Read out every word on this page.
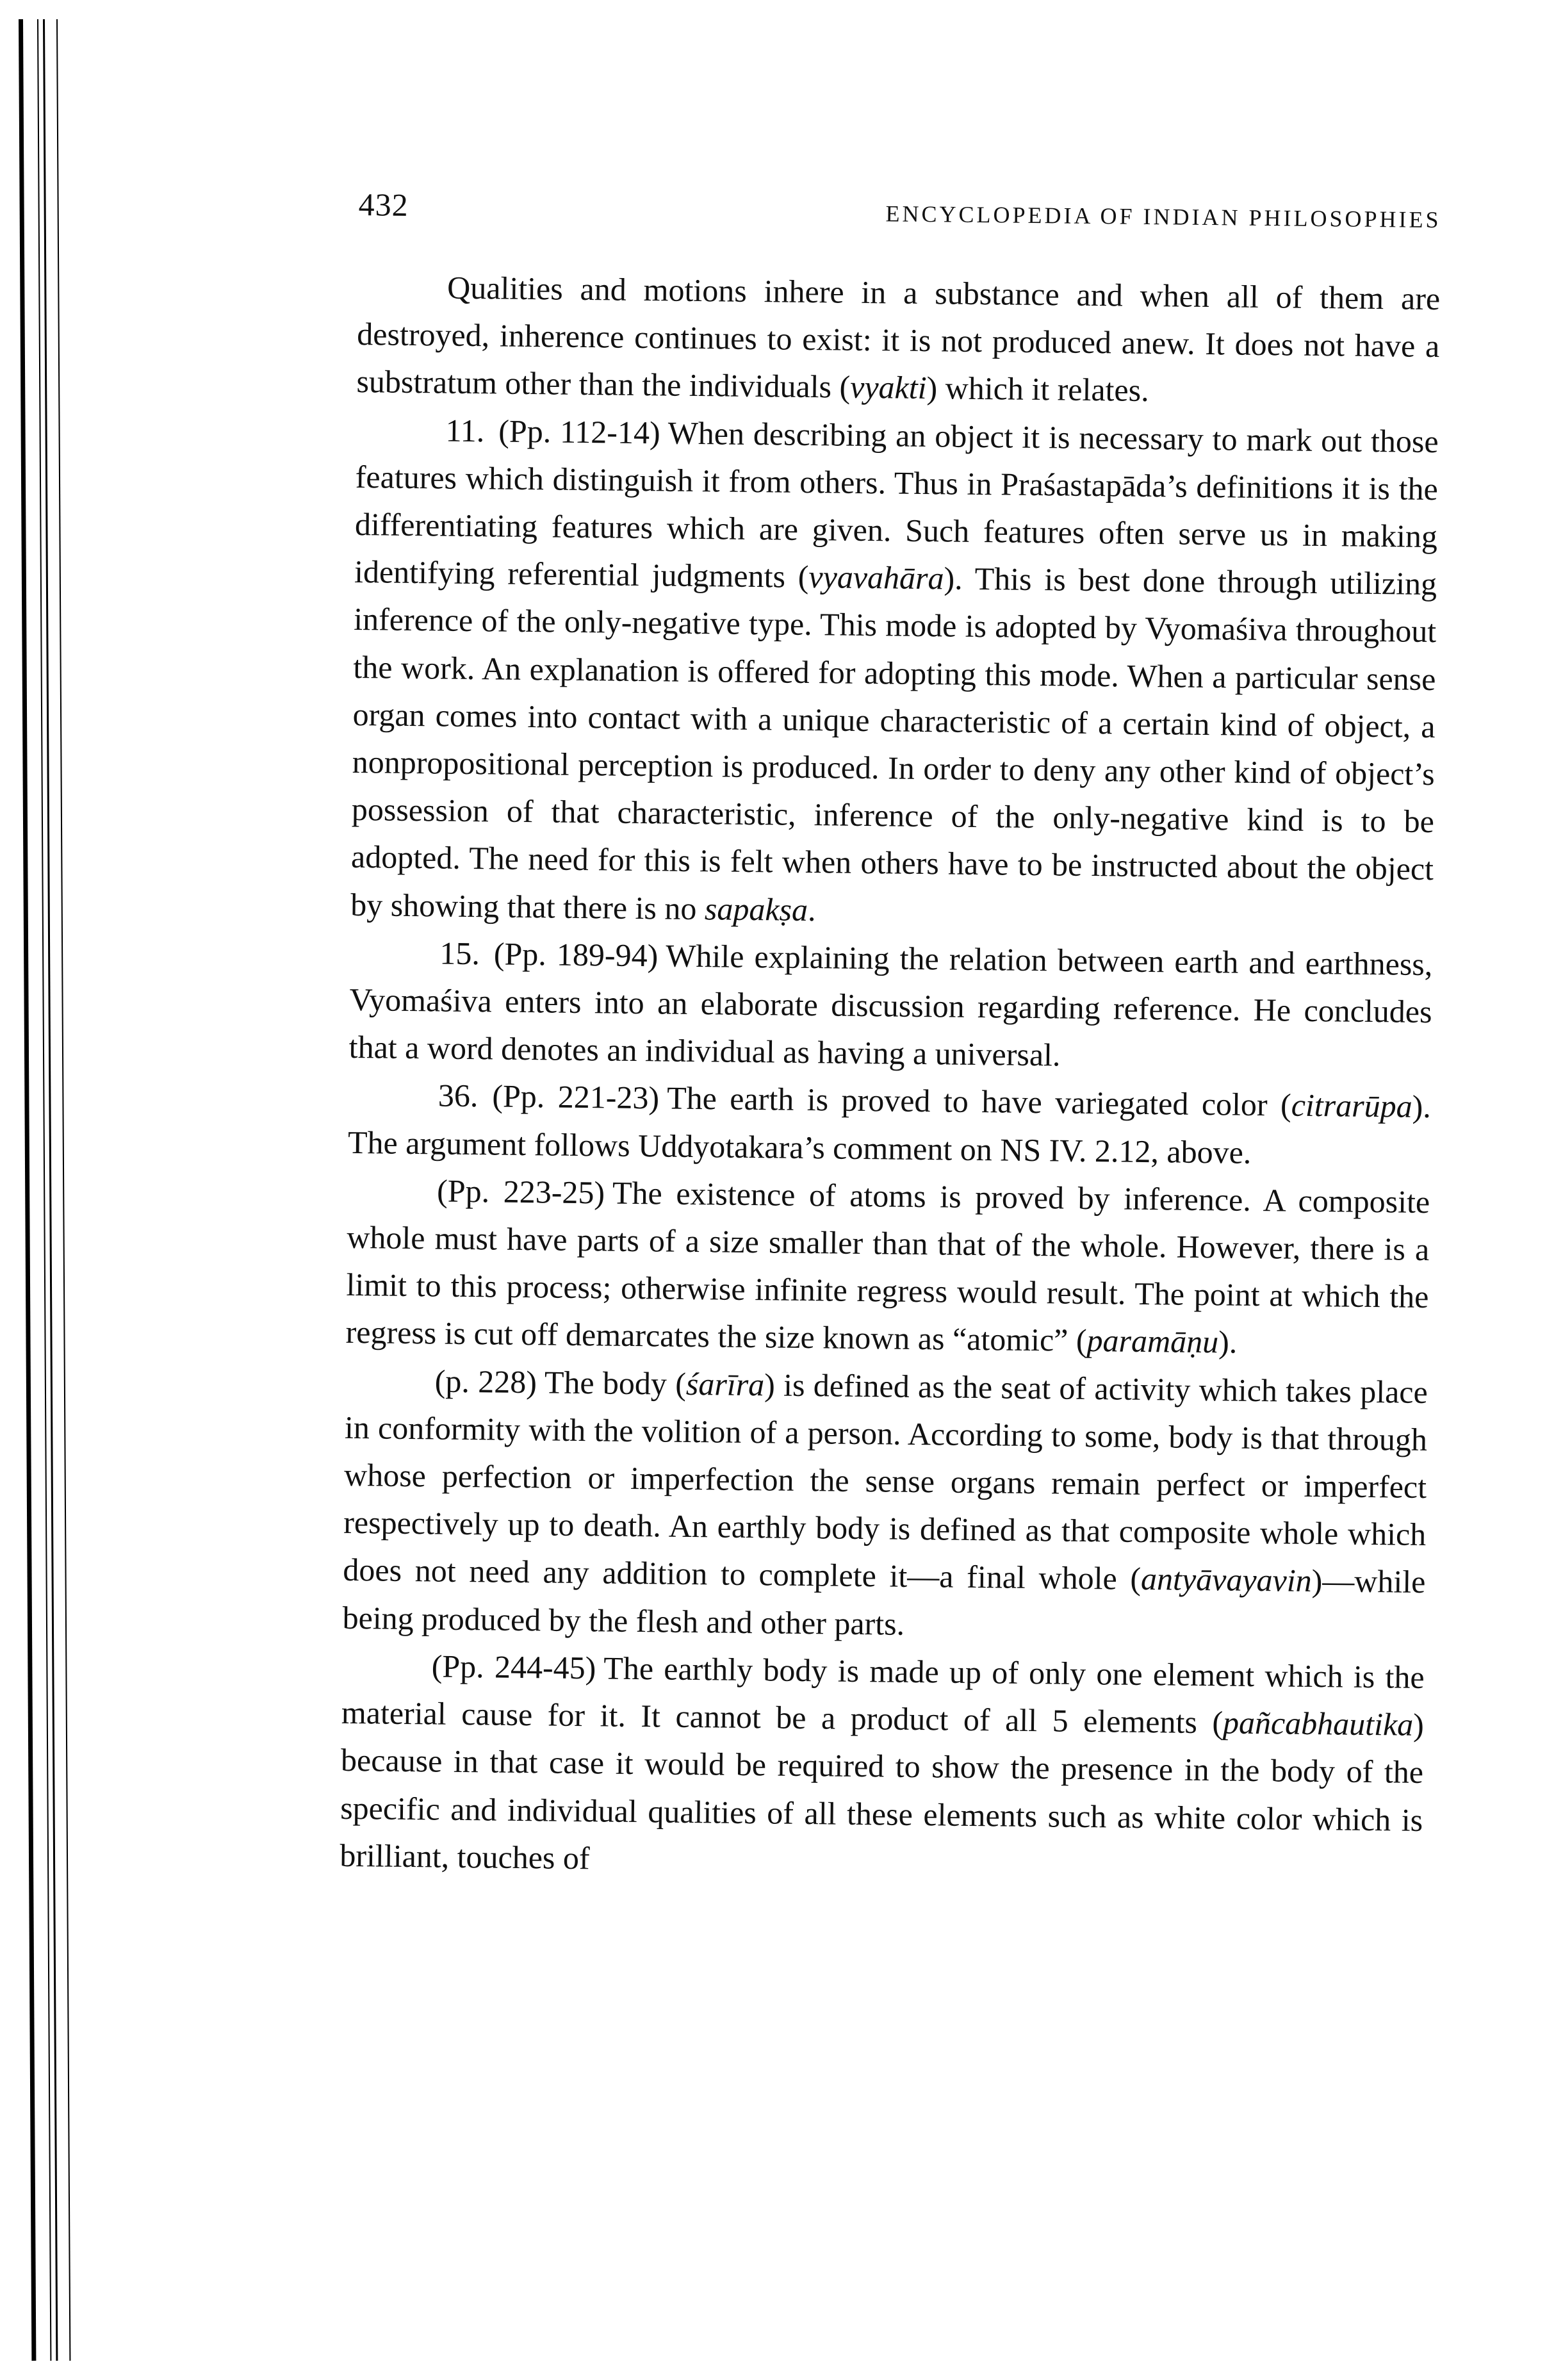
432	ENCYCLOPEDIA OF INDIAN PHILOSOPHIES

Qualities and motions inhere in a substance and when all of them are destroyed, inherence continues to exist: it is not produced anew. It does not have a substratum other than the individuals (vyakti) which it relates.

11. (Pp. 112-14) When describing an object it is necessary to mark out those features which distinguish it from others. Thus in Praśastapāda’s definitions it is the differentiating features which are given. Such features often serve us in making identifying referential judgments (vyavahāra). This is best done through utilizing inference of the only-negative type. This mode is adopted by Vyomaśiva throughout the work. An explanation is offered for adopting this mode. When a particular sense organ comes into contact with a unique characteristic of a certain kind of object, a nonpropositional perception is produced. In order to deny any other kind of object’s possession of that characteristic, inference of the only-negative kind is to be adopted. The need for this is felt when others have to be instructed about the object by showing that there is no sapakṣa.

15. (Pp. 189-94) While explaining the relation between earth and earthness, Vyomaśiva enters into an elaborate discussion regarding reference. He concludes that a word denotes an individual as having a universal.

36. (Pp. 221-23) The earth is proved to have variegated color (citrarūpa). The argument follows Uddyotakara’s comment on NS IV. 2.12, above.

(Pp. 223-25) The existence of atoms is proved by inference. A composite whole must have parts of a size smaller than that of the whole. However, there is a limit to this process; otherwise infinite regress would result. The point at which the regress is cut off demarcates the size known as “atomic” (paramāṇu).

(p. 228) The body (śarīra) is defined as the seat of activity which takes place in conformity with the volition of a person. According to some, body is that through whose perfection or imperfection the sense organs remain perfect or imperfect respectively up to death. An earthly body is defined as that composite whole which does not need any addition to complete it—a final whole (antyāvayavin)—while being produced by the flesh and other parts.

(Pp. 244-45) The earthly body is made up of only one element which is the material cause for it. It cannot be a product of all 5 elements (pañcabhautika) because in that case it would be required to show the presence in the body of the specific and individual qualities of all these elements such as white color which is brilliant, touches of
